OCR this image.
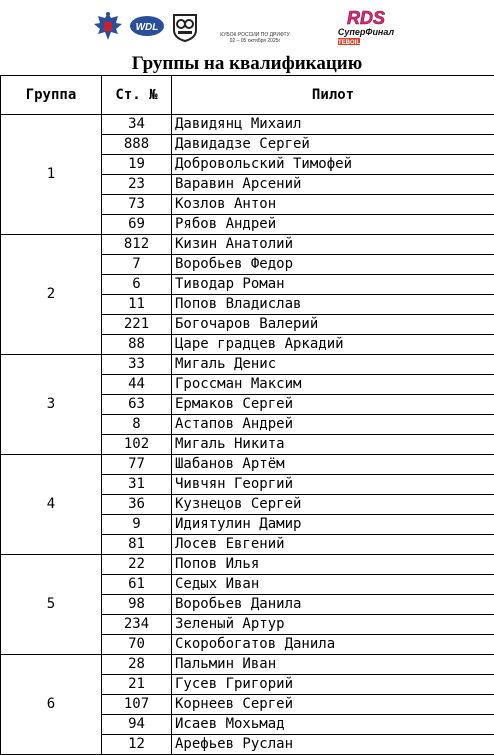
WDL
КУБОК РОССИИ ПО ДРИФТУ
02 – 05 октября 2025г
RDS
СуперФинал
TEBOIL
Группы на квалификацию
Группа	Ст. №	Пилот
1	34	Давидянц Михаил
	888	Давидадзе Сергей
	19	Добровольский Тимофей
	23	Варавин Арсений
	73	Козлов Антон
	69	Рябов Андрей
2	812	Кизин Анатолий
	7	Воробьев Федор
	6	Тиводар Роман
	11	Попов Владислав
	221	Богочаров Валерий
	88	Царе градцев Аркадий
3	33	Мигаль Денис
	44	Гроссман Максим
	63	Ермаков Сергей
	8	Астапов Андрей
	102	Мигаль Никита
4	77	Шабанов Артём
	31	Чивчян Георгий
	36	Кузнецов Сергей
	9	Идиятулин Дамир
	81	Лосев Евгений
5	22	Попов Илья
	61	Седых Иван
	98	Воробьев Данила
	234	Зеленый Артур
	70	Скоробогатов Данила
6	28	Пальмин Иван
	21	Гусев Григорий
	107	Корнеев Сергей
	94	Исаев Мохьмад
	12	Арефьев Руслан
